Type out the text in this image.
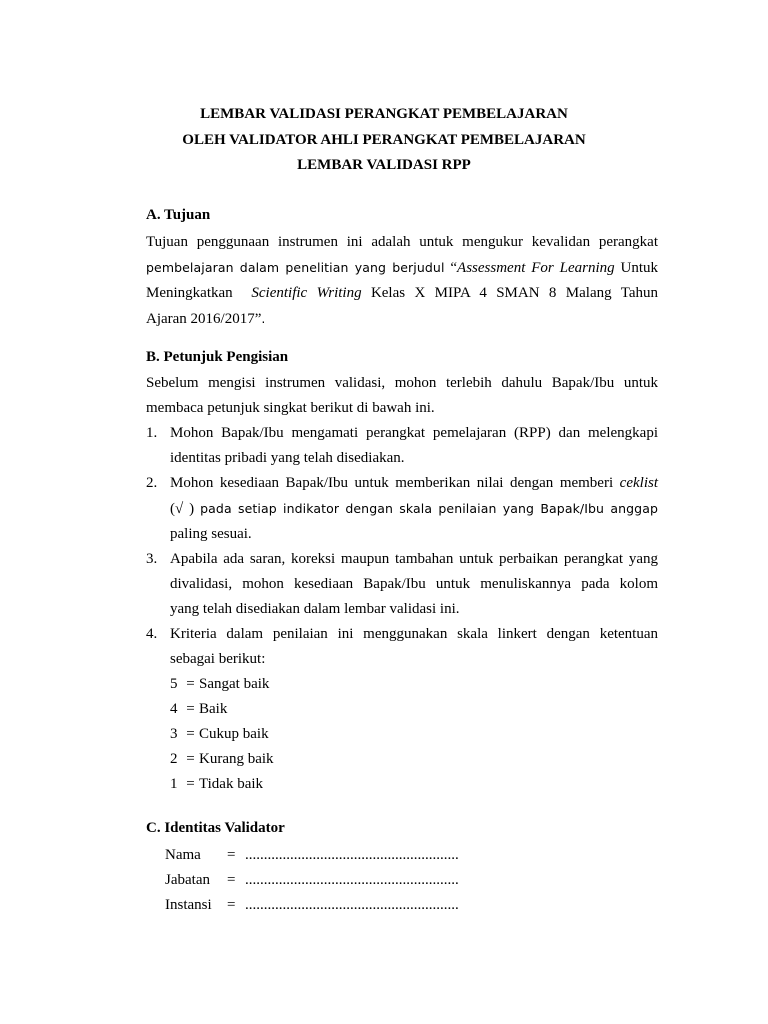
LEMBAR VALIDASI PERANGKAT PEMBELAJARAN
OLEH VALIDATOR AHLI PERANGKAT PEMBELAJARAN
LEMBAR VALIDASI RPP
A. Tujuan
Tujuan penggunaan instrumen ini adalah untuk mengukur kevalidan perangkat
pembelajaran dalam penelitian yang berjudul “Assessment For Learning Untuk
Meningkatkan  Scientific Writing Kelas X MIPA 4 SMAN 8 Malang Tahun
Ajaran 2016/2017”.
B. Petunjuk Pengisian
Sebelum mengisi instrumen validasi, mohon terlebih dahulu Bapak/Ibu untuk
membaca petunjuk singkat berikut di bawah ini.
1. Mohon Bapak/Ibu mengamati perangkat pemelajaran (RPP) dan melengkapi
identitas pribadi yang telah disediakan.
2. Mohon kesediaan Bapak/Ibu untuk memberikan nilai dengan memberi ceklist
(√ ) pada setiap indikator dengan skala penilaian yang Bapak/Ibu anggap
paling sesuai.
3. Apabila ada saran, koreksi maupun tambahan untuk perbaikan perangkat yang
divalidasi, mohon kesediaan Bapak/Ibu untuk menuliskannya pada kolom
yang telah disediakan dalam lembar validasi ini.
4. Kriteria dalam penilaian ini menggunakan skala linkert dengan ketentuan
sebagai berikut:
5 = Sangat baik
4 = Baik
3 = Cukup baik
2 = Kurang baik
1 = Tidak baik
C. Identitas Validator
Nama	= .........................................................
Jabatan	= .........................................................
Instansi	= .........................................................
